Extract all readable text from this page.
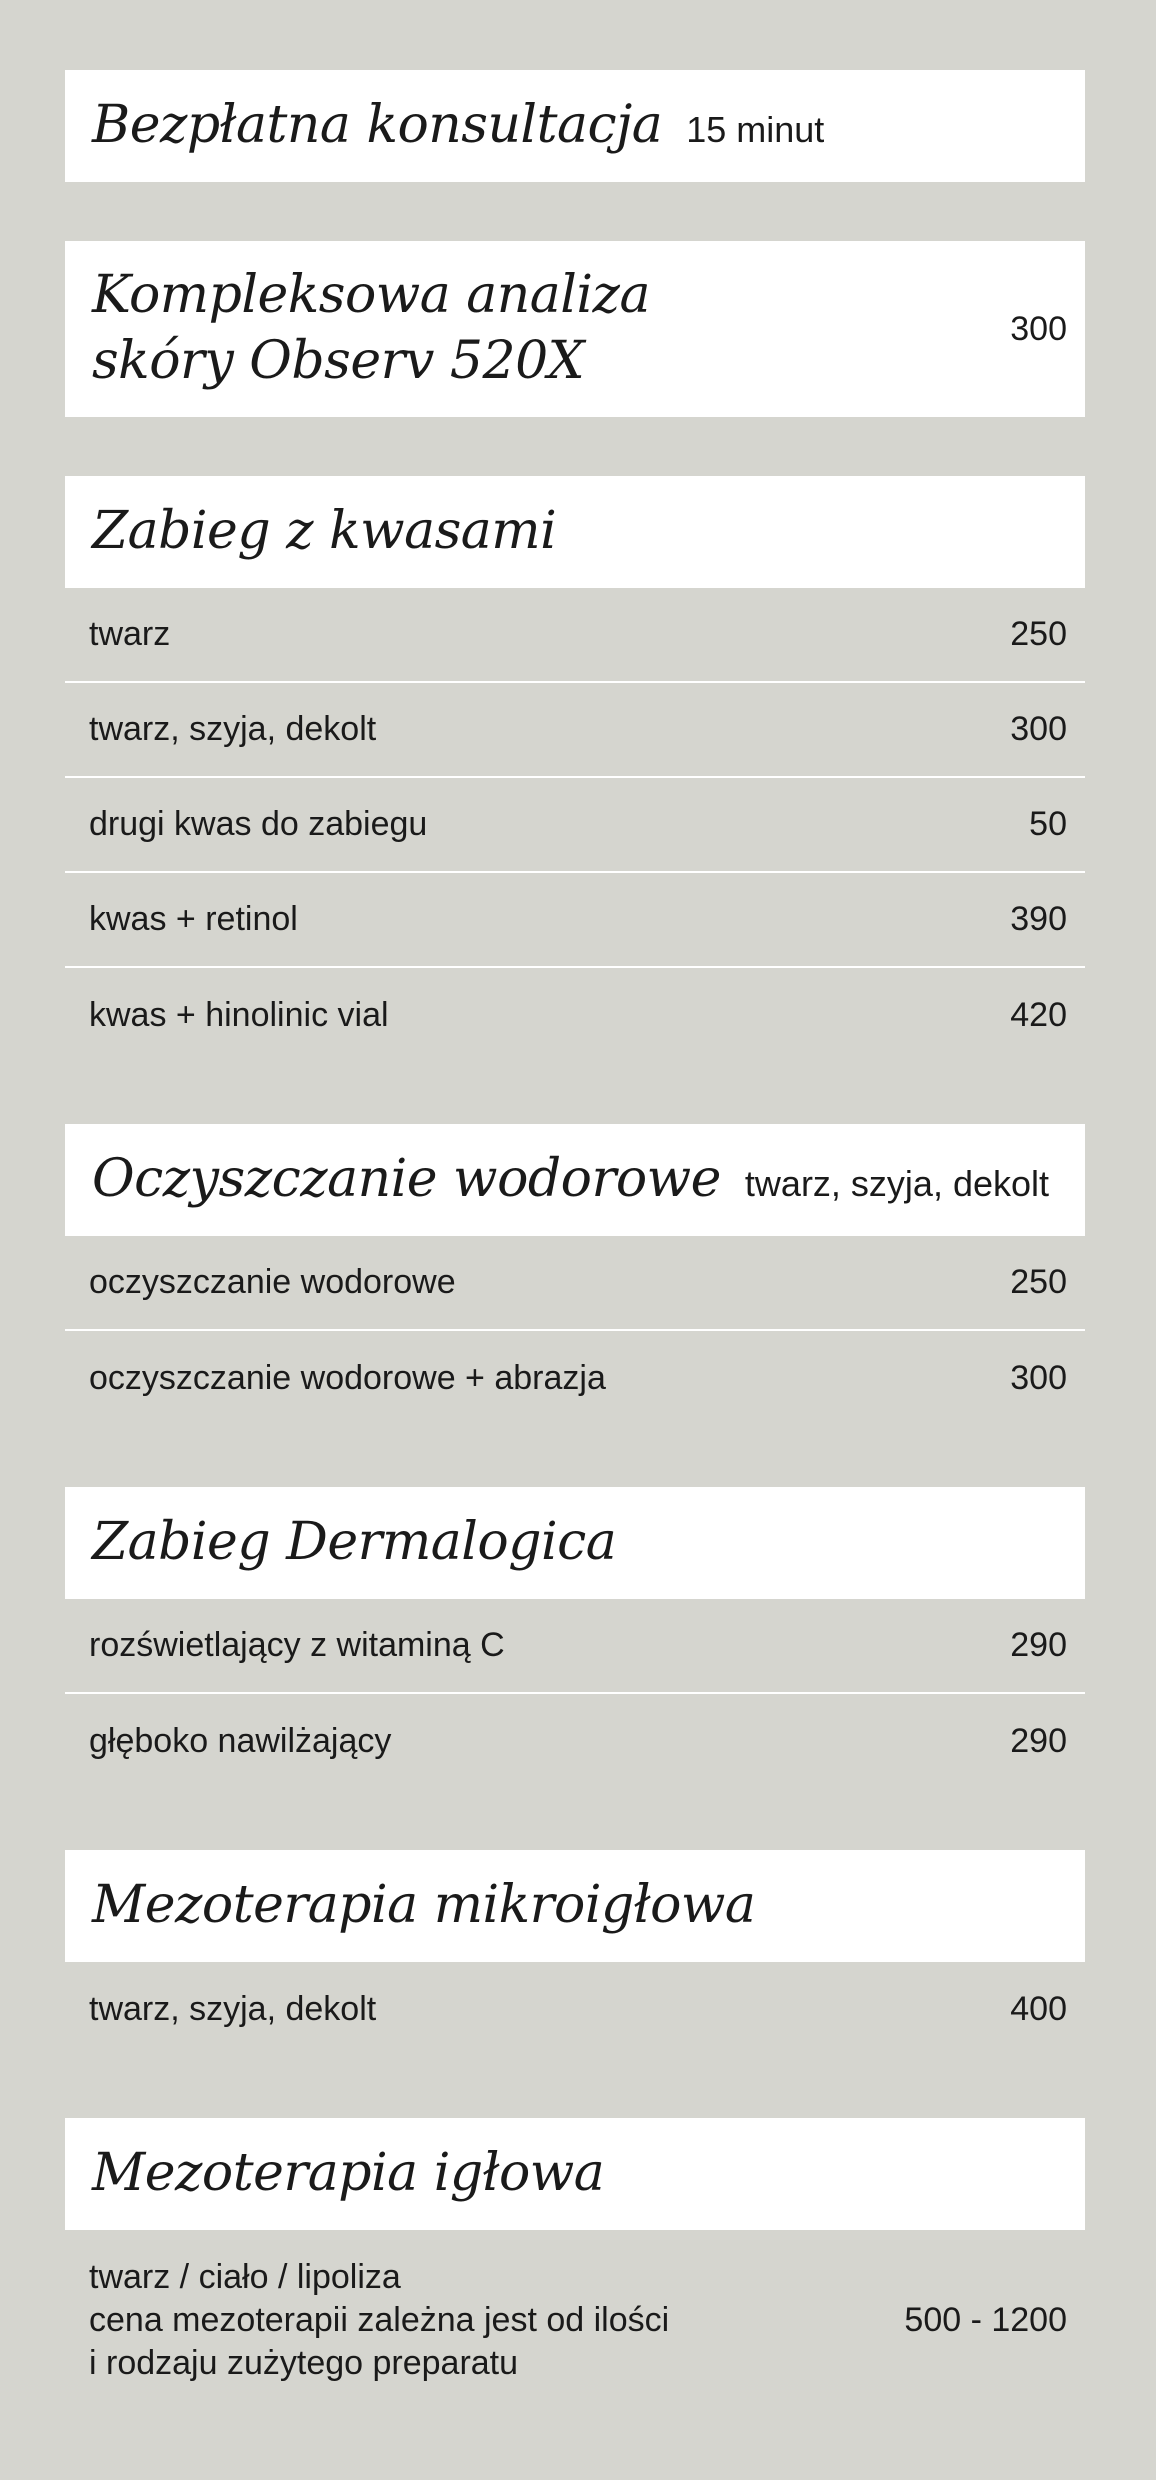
Bezpłatna konsultacja 15 minut
Kompleksowa analiza skóry Observ 520X
300
Zabieg z kwasami
twarz	250
twarz, szyja, dekolt	300
drugi kwas do zabiegu	50
kwas + retinol	390
kwas + hinolinic vial	420
Oczyszczanie wodorowe twarz, szyja, dekolt
oczyszczanie wodorowe	250
oczyszczanie wodorowe + abrazja	300
Zabieg Dermalogica
rozświetlający z witaminą C	290
głęboko nawilżający	290
Mezoterapia mikroigłowa
twarz, szyja, dekolt	400
Mezoterapia igłowa
twarz / ciało / lipoliza
cena mezoterapii zależna jest od ilości
i rodzaju zużytego preparatu
500 - 1200
